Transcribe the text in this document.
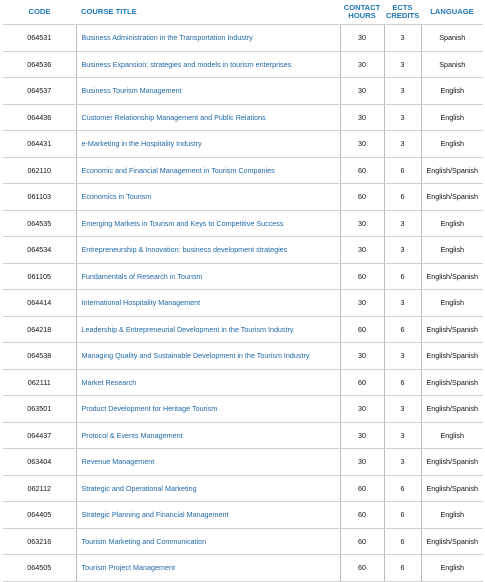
CODE	COURSE TITLE	CONTACT HOURS	ECTS CREDITS	LANGUAGE
064531	Business Administration in the Transportation Industry	30	3	Spanish
064536	Business Expansion: strategies and models in tourism enterprises	30	3	Spanish
064537	Business Tourism Management	30	3	English
064436	Customer Relationship Management and Public Relations	30	3	English
064431	e-Marketing in the Hospitality Industry	30	3	English
062110	Economic and Financial Management in Tourism Companies	60	6	English/Spanish
061103	Economics in Tourism	60	6	English/Spanish
064535	Emerging Markets in Tourism and Keys to Competitive Success	30	3	English
064534	Entrepreneurship & Innovation: business development strategies	30	3	English
061105	Fundamentals of Research in Tourism	60	6	English/Spanish
064414	International Hospitality Management	30	3	English
064218	Leadership & Entrepreneurial Development in the Tourism Industry	60	6	English/Spanish
064538	Managing Quality and Sustainable Development in the Tourism Industry	30	3	English/Spanish
062111	Market Research	60	6	English/Spanish
063501	Product Development for Heritage Tourism	30	3	English/Spanish
064437	Protocol & Events Management	30	3	English
063404	Revenue Management	30	3	English/Spanish
062112	Strategic and Operational Marketing	60	6	English/Spanish
064405	Strategic Planning and Financial Management	60	6	English
063216	Tourism Marketing and Communication	60	6	English/Spanish
064505	Tourism Project Management	60	6	English
